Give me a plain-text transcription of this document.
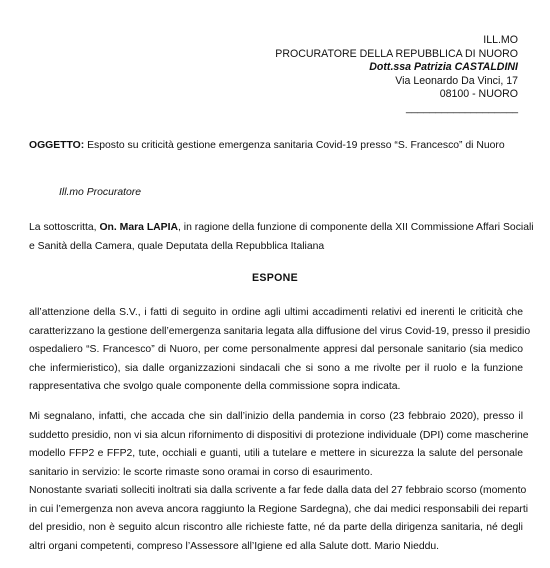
ILL.MO
PROCURATORE DELLA REPUBBLICA DI NUORO
Dott.ssa Patrizia CASTALDINI
Via Leonardo Da Vinci, 17
08100 - NUORO
___________________
OGGETTO: Esposto su criticità gestione emergenza sanitaria Covid-19 presso “S. Francesco” di Nuoro
Ill.mo Procuratore
La sottoscritta, On. Mara LAPIA, in ragione della funzione di componente della XII Commissione Affari Sociali
e Sanità della Camera, quale Deputata della Repubblica Italiana
ESPONE
all’attenzione della S.V., i fatti di seguito in ordine agli ultimi accadimenti relativi ed inerenti le criticità che
caratterizzano la gestione dell’emergenza sanitaria legata alla diffusione del virus Covid-19, presso il presidio
ospedaliero “S. Francesco” di Nuoro, per come personalmente appresi dal personale sanitario (sia medico
che infermieristico), sia dalle organizzazioni sindacali che si sono a me rivolte per il ruolo e la funzione
rappresentativa che svolgo quale componente della commissione sopra indicata.
Mi segnalano, infatti, che accada che sin dall’inizio della pandemia in corso (23 febbraio 2020), presso il
suddetto presidio, non vi sia alcun rifornimento di dispositivi di protezione individuale (DPI) come mascherine
modello FFP2 e FFP2, tute, occhiali e guanti, utili a tutelare e mettere in sicurezza la salute del personale
sanitario in servizio: le scorte rimaste sono oramai in corso di esaurimento.
Nonostante svariati solleciti inoltrati sia dalla scrivente a far fede dalla data del 27 febbraio scorso (momento
in cui l’emergenza non aveva ancora raggiunto la Regione Sardegna), che dai medici responsabili dei reparti
del presidio, non è seguito alcun riscontro alle richieste fatte, né da parte della dirigenza sanitaria, né degli
altri organi competenti, compreso l’Assessore all’Igiene ed alla Salute dott. Mario Nieddu.
